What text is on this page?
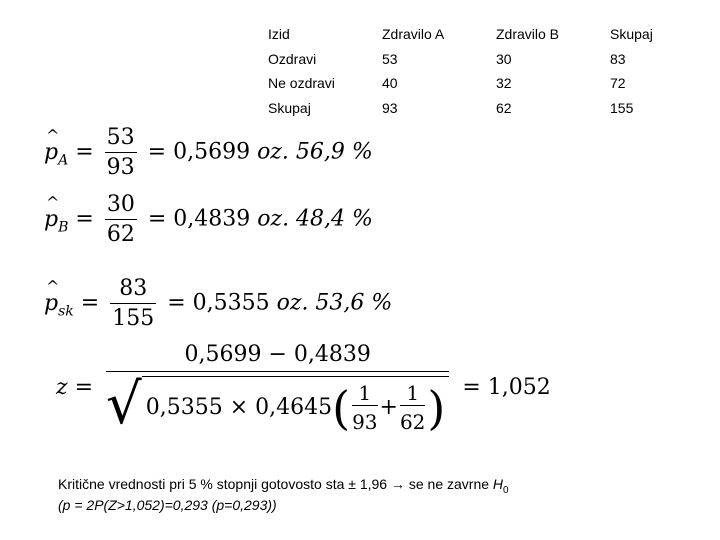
Izid
Ozdravi
Ne ozdravi
Skupaj
Zdravilo A
53
40
93
Zdravilo B
30
32
62
Skupaj
83
72
155
^ $p_A = \frac{53}{93} = 0,5699$ oz. 56,9 %
^ $p_B = \frac{30}{62} = 0,4839$ oz. 48,4 %
^ $p_{sk} = \frac{83}{155} = 0,5355$ oz. 53,6 %
z =
0,5699 − 0,4839
√ 0,5355 × 0,4645 ( $\frac{1}{93} + \frac{1}{62}$ ) = 1,052
Kritične vrednosti pri 5 % stopnji gotovosto sta ± 1,96 → se ne zavrne $H_0$
(p = 2P(Z>1,052)=0,293 (p=0,293))
